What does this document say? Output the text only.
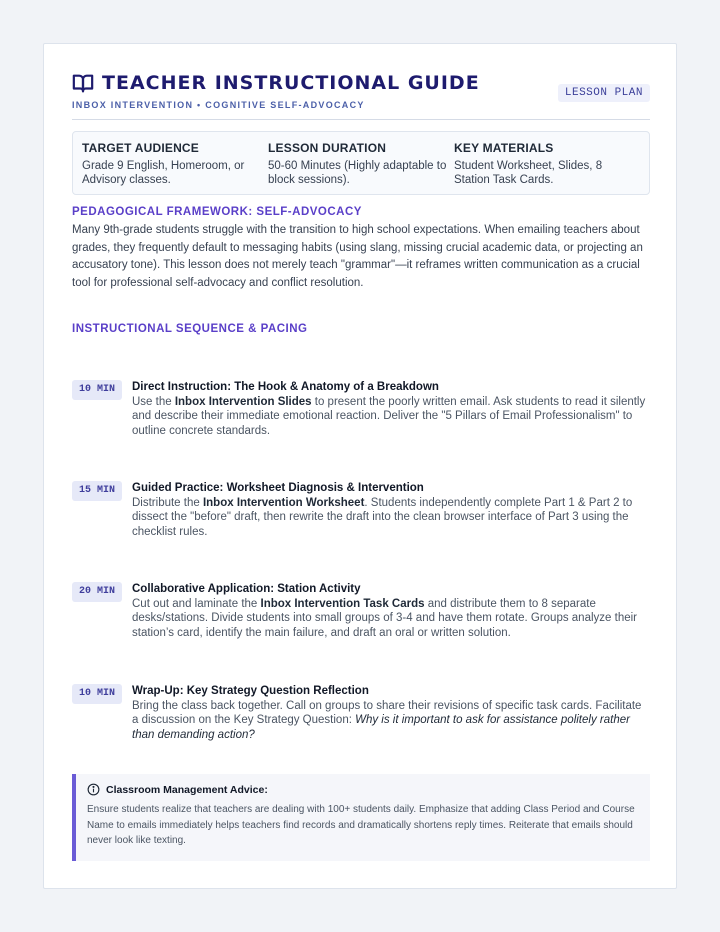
TEACHER INSTRUCTIONAL GUIDE
INBOX INTERVENTION • COGNITIVE SELF-ADVOCACY
LESSON PLAN
TARGET AUDIENCE
Grade 9 English, Homeroom, or Advisory classes.
LESSON DURATION
50-60 Minutes (Highly adaptable to block sessions).
KEY MATERIALS
Student Worksheet, Slides, 8 Station Task Cards.
PEDAGOGICAL FRAMEWORK: SELF-ADVOCACY
Many 9th-grade students struggle with the transition to high school expectations. When emailing teachers about grades, they frequently default to messaging habits (using slang, missing crucial academic data, or projecting an accusatory tone). This lesson does not merely teach "grammar"—it reframes written communication as a crucial tool for professional self-advocacy and conflict resolution.
INSTRUCTIONAL SEQUENCE & PACING
10 MIN	Direct Instruction: The Hook & Anatomy of a Breakdown
Use the Inbox Intervention Slides to present the poorly written email. Ask students to read it silently and describe their immediate emotional reaction. Deliver the "5 Pillars of Email Professionalism" to outline concrete standards.
15 MIN	Guided Practice: Worksheet Diagnosis & Intervention
Distribute the Inbox Intervention Worksheet. Students independently complete Part 1 & Part 2 to dissect the "before" draft, then rewrite the draft into the clean browser interface of Part 3 using the checklist rules.
20 MIN	Collaborative Application: Station Activity
Cut out and laminate the Inbox Intervention Task Cards and distribute them to 8 separate desks/stations. Divide students into small groups of 3-4 and have them rotate. Groups analyze their station’s card, identify the main failure, and draft an oral or written solution.
10 MIN	Wrap-Up: Key Strategy Question Reflection
Bring the class back together. Call on groups to share their revisions of specific task cards. Facilitate a discussion on the Key Strategy Question: Why is it important to ask for assistance politely rather than demanding action?
Classroom Management Advice:
Ensure students realize that teachers are dealing with 100+ students daily. Emphasize that adding Class Period and Course Name to emails immediately helps teachers find records and dramatically shortens reply times. Reiterate that emails should never look like texting.
